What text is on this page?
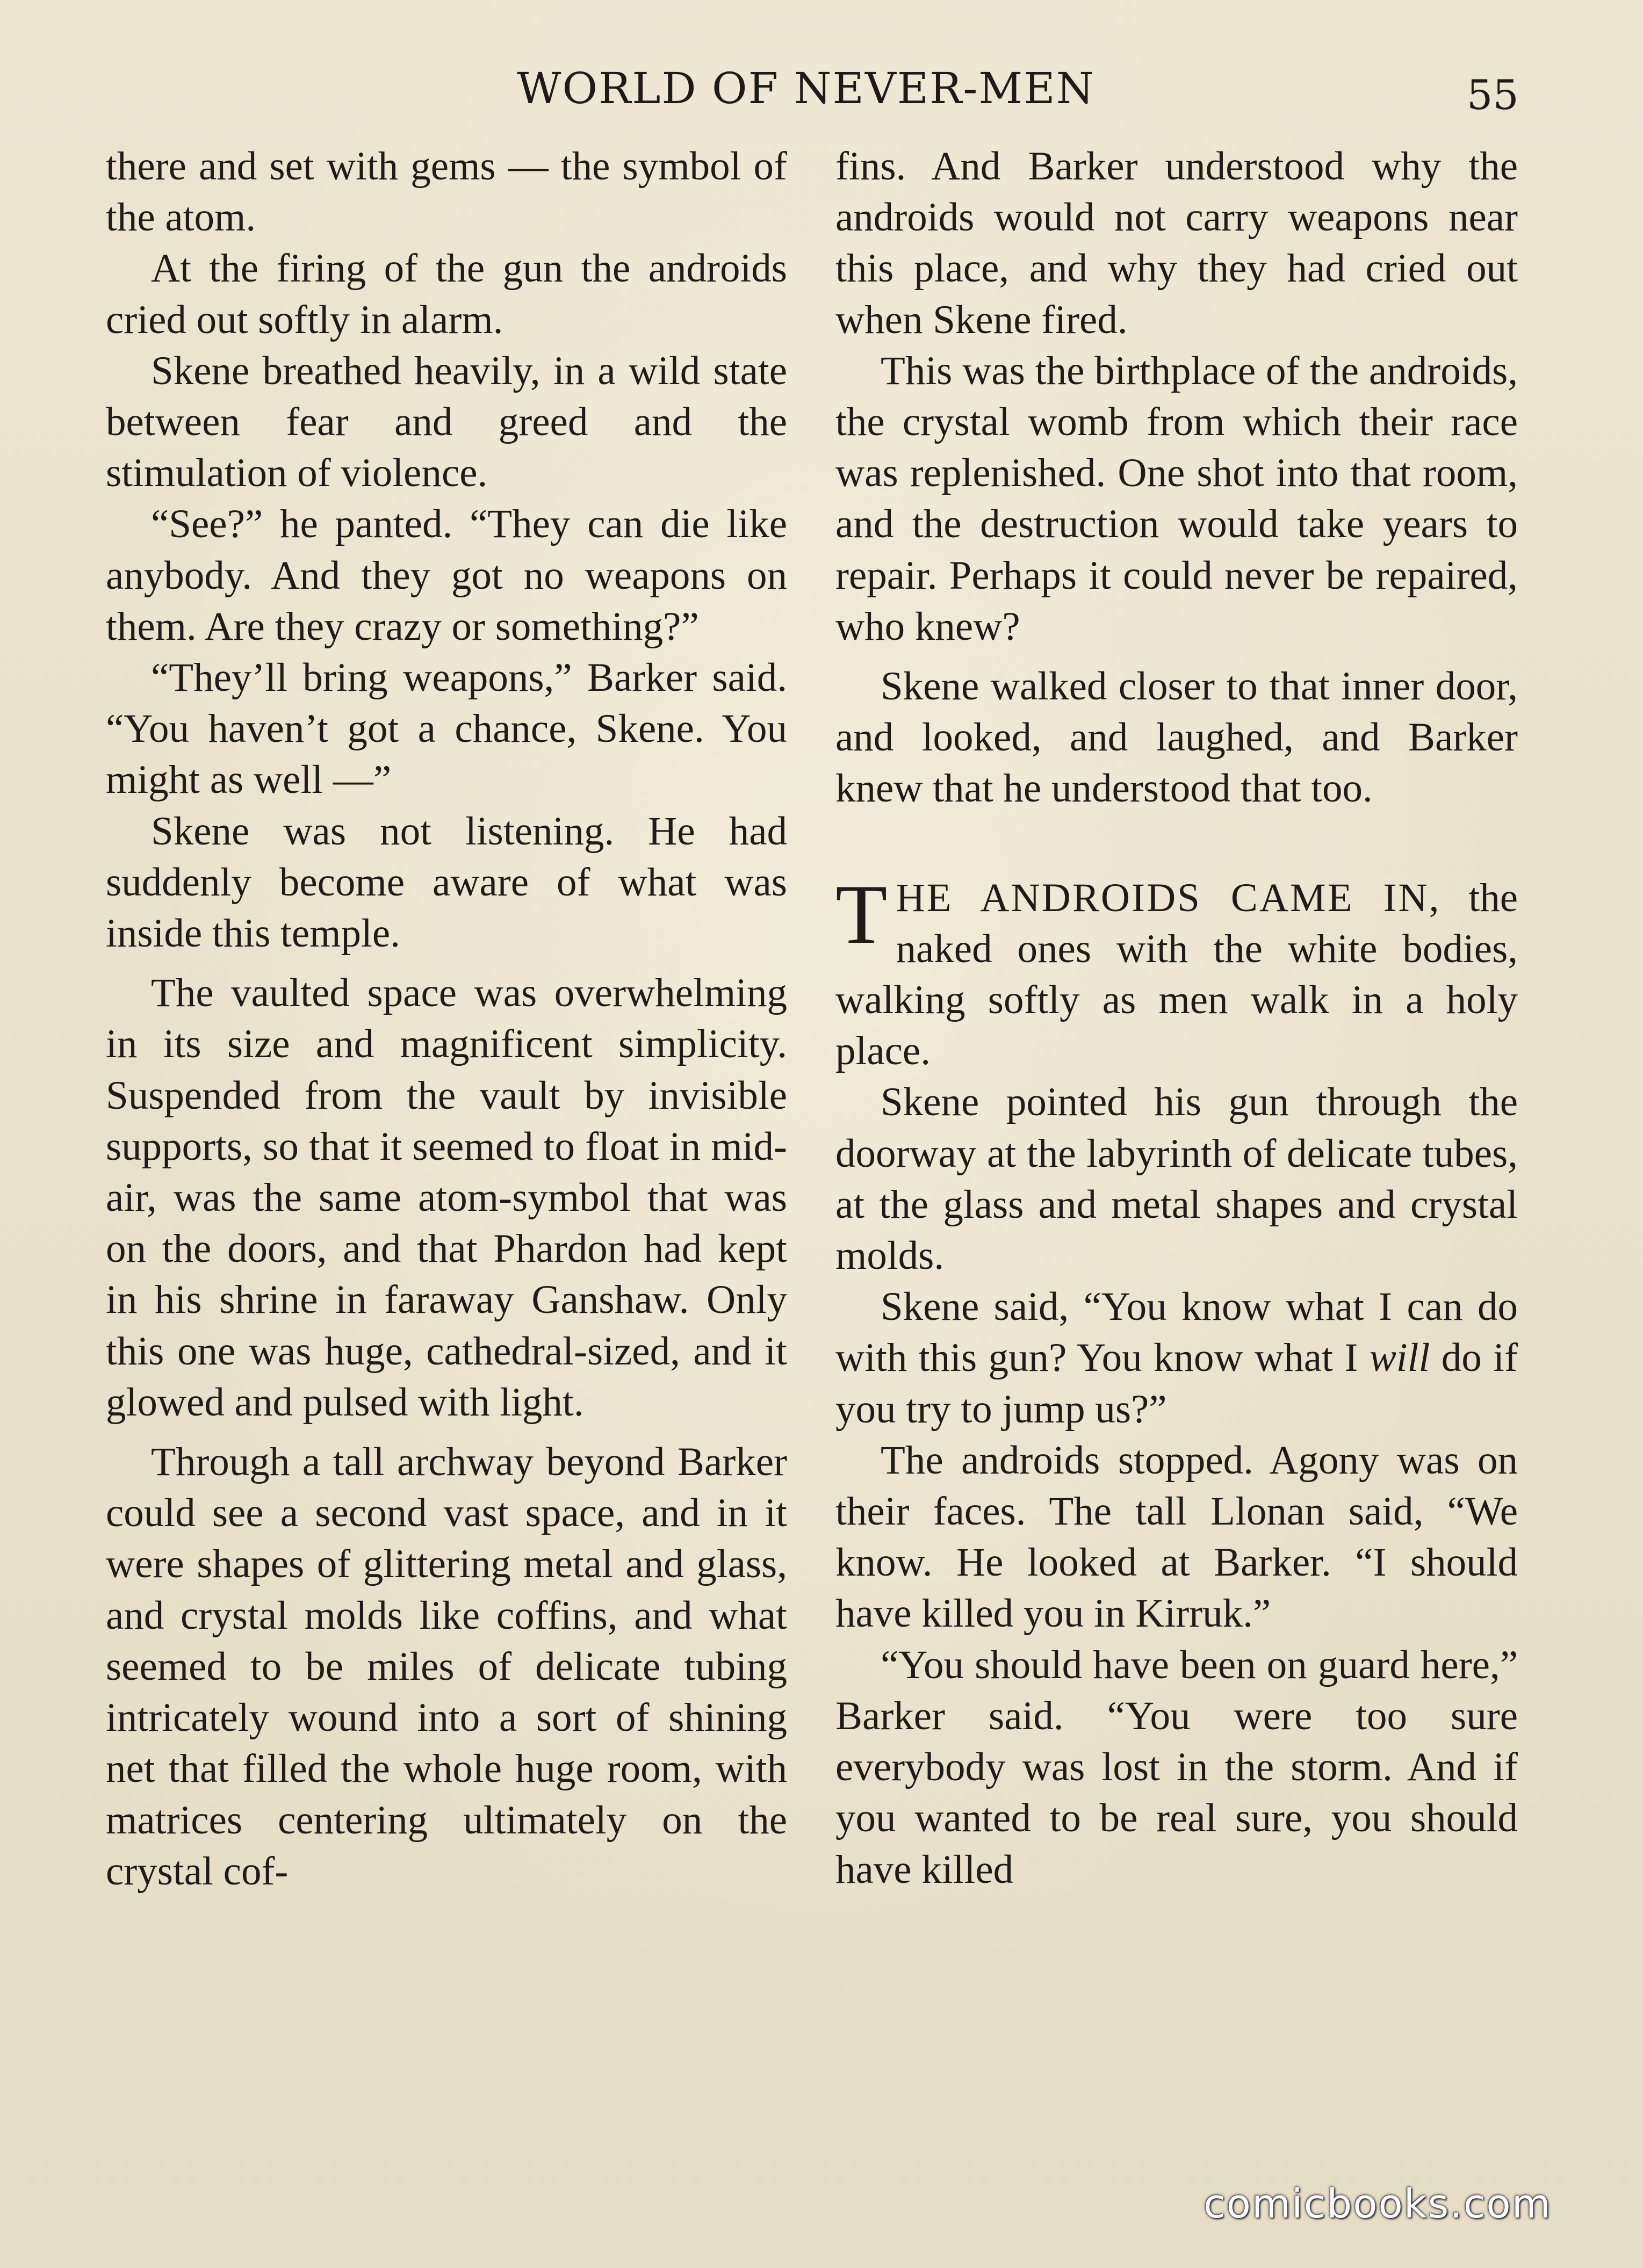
WORLD OF NEVER-MEN	55

there and set with gems — the symbol of the atom.

At the firing of the gun the androids cried out softly in alarm.

Skene breathed heavily, in a wild state between fear and greed and the stimulation of violence.

“See?” he panted. “They can die like anybody. And they got no weapons on them. Are they crazy or something?”

“They’ll bring weapons,” Barker said. “You haven’t got a chance, Skene. You might as well —”

Skene was not listening. He had suddenly become aware of what was inside this temple.

The vaulted space was overwhelming in its size and magnificent simplicity. Suspended from the vault by invisible supports, so that it seemed to float in mid-air, was the same atom-symbol that was on the doors, and that Phardon had kept in his shrine in faraway Ganshaw. Only this one was huge, cathedral-sized, and it glowed and pulsed with light.

Through a tall archway beyond Barker could see a second vast space, and in it were shapes of glittering metal and glass, and crystal molds like coffins, and what seemed to be miles of delicate tubing intricately wound into a sort of shining net that filled the whole huge room, with matrices centering ultimately on the crystal cof-

fins. And Barker understood why the androids would not carry weapons near this place, and why they had cried out when Skene fired.

This was the birthplace of the androids, the crystal womb from which their race was replenished. One shot into that room, and the destruction would take years to repair. Perhaps it could never be repaired, who knew?

Skene walked closer to that inner door, and looked, and laughed, and Barker knew that he understood that too.

THE ANDROIDS CAME IN, the naked ones with the white bodies, walking softly as men walk in a holy place.

Skene pointed his gun through the doorway at the labyrinth of delicate tubes, at the glass and metal shapes and crystal molds.

Skene said, “You know what I can do with this gun? You know what I will do if you try to jump us?”

The androids stopped. Agony was on their faces. The tall Llonan said, “We know. He looked at Barker. “I should have killed you in Kirruk.”

“You should have been on guard here,” Barker said. “You were too sure everybody was lost in the storm. And if you wanted to be real sure, you should have killed

comicbooks.com
